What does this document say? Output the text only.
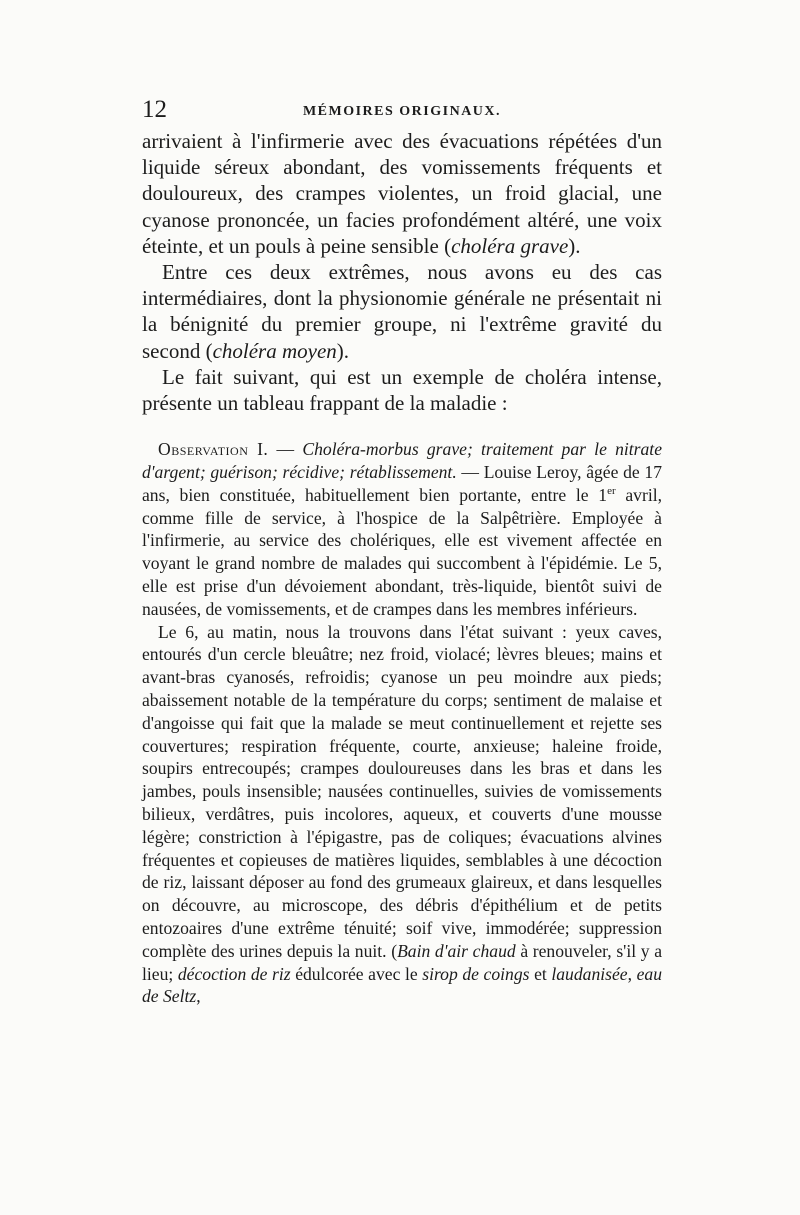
12	MÉMOIRES ORIGINAUX.

arrivaient à l'infirmerie avec des évacuations répétées d'un liquide séreux abondant, des vomissements fréquents et douloureux, des crampes violentes, un froid glacial, une cyanose prononcée, un facies profondément altéré, une voix éteinte, et un pouls à peine sensible (choléra grave).

Entre ces deux extrêmes, nous avons eu des cas intermédiaires, dont la physionomie générale ne présentait ni la bénignité du premier groupe, ni l'extrême gravité du second (choléra moyen).

Le fait suivant, qui est un exemple de choléra intense, présente un tableau frappant de la maladie :

Observation I. — Choléra-morbus grave; traitement par le nitrate d'argent; guérison; récidive; rétablissement. — Louise Leroy, âgée de 17 ans, bien constituée, habituellement bien portante, entre le 1er avril, comme fille de service, à l'hospice de la Salpêtrière. Employée à l'infirmerie, au service des cholériques, elle est vivement affectée en voyant le grand nombre de malades qui succombent à l'épidémie. Le 5, elle est prise d'un dévoiement abondant, très-liquide, bientôt suivi de nausées, de vomissements, et de crampes dans les membres inférieurs.

Le 6, au matin, nous la trouvons dans l'état suivant : yeux caves, entourés d'un cercle bleuâtre; nez froid, violacé; lèvres bleues; mains et avant-bras cyanosés, refroidis; cyanose un peu moindre aux pieds; abaissement notable de la température du corps; sentiment de malaise et d'angoisse qui fait que la malade se meut continuellement et rejette ses couvertures; respiration fréquente, courte, anxieuse; haleine froide, soupirs entrecoupés; crampes douloureuses dans les bras et dans les jambes, pouls insensible; nausées continuelles, suivies de vomissements bilieux, verdâtres, puis incolores, aqueux, et couverts d'une mousse légère; constriction à l'épigastre, pas de coliques; évacuations alvines fréquentes et copieuses de matières liquides, semblables à une décoction de riz, laissant déposer au fond des grumeaux glaireux, et dans lesquelles on découvre, au microscope, des débris d'épithélium et de petits entozoaires d'une extrême ténuité; soif vive, immodérée; suppression complète des urines depuis la nuit. (Bain d'air chaud à renouveler, s'il y a lieu; décoction de riz édulcorée avec le sirop de coings et laudanisée, eau de Seltz,
